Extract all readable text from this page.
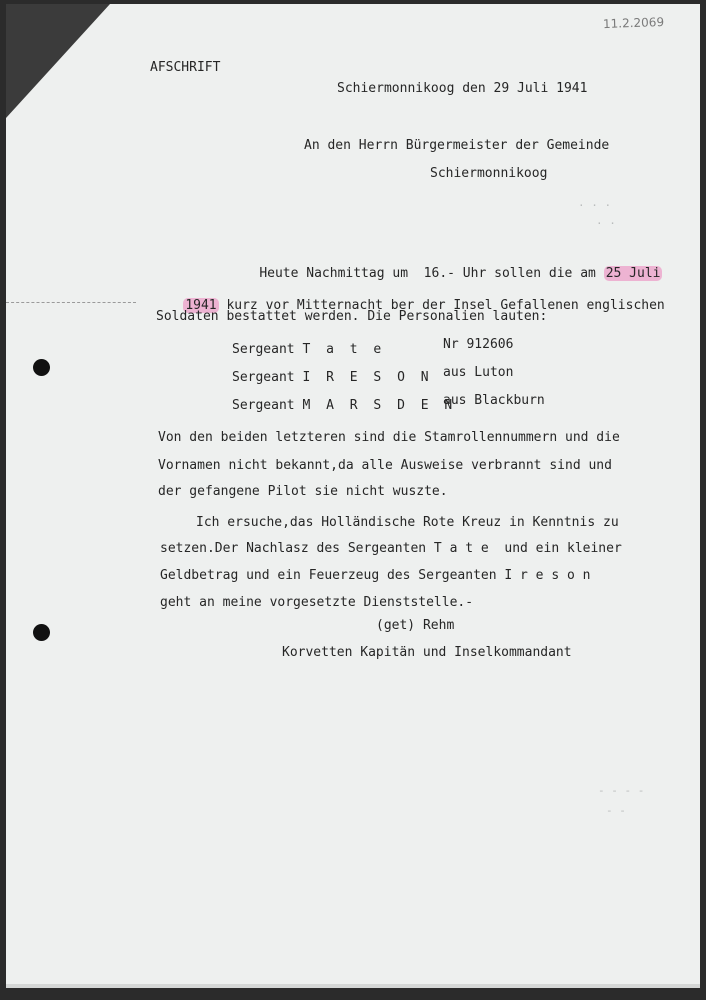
11.2.2069
AFSCHRIFT
Schiermonnikoog den 29 Juli 1941
An den Herrn Bürgermeister der Gemeinde
Schiermonnikoog
. . .
. .

Heute Nachmittag um  16.- Uhr sollen die am 25 Juli

1941 kurz vor Mitternacht ber der Insel Gefallenen englischen

Soldaten bestattet werden. Die Personalien lauten:
Sergeant T a t e	Nr 912606
Sergeant I R E S O N aus Luton
Sergeant M A R S D E N
aus Blackburn
Von den beiden letzteren sind die Stamrollennummern und die
Vornamen nicht bekannt,da alle Ausweise verbrannt sind und
der gefangene Pilot sie nicht wuszte.
Ich ersuche,das Holländische Rote Kreuz in Kenntnis zu
setzen.Der Nachlasz des Sergeanten T a t e  und ein kleiner
Geldbetrag und ein Feuerzeug des Sergeanten I r e s o n
geht an meine vorgesetzte Dienststelle.-
(get) Rehm
Korvetten Kapitän und Inselkommandant
- - - -
- -
